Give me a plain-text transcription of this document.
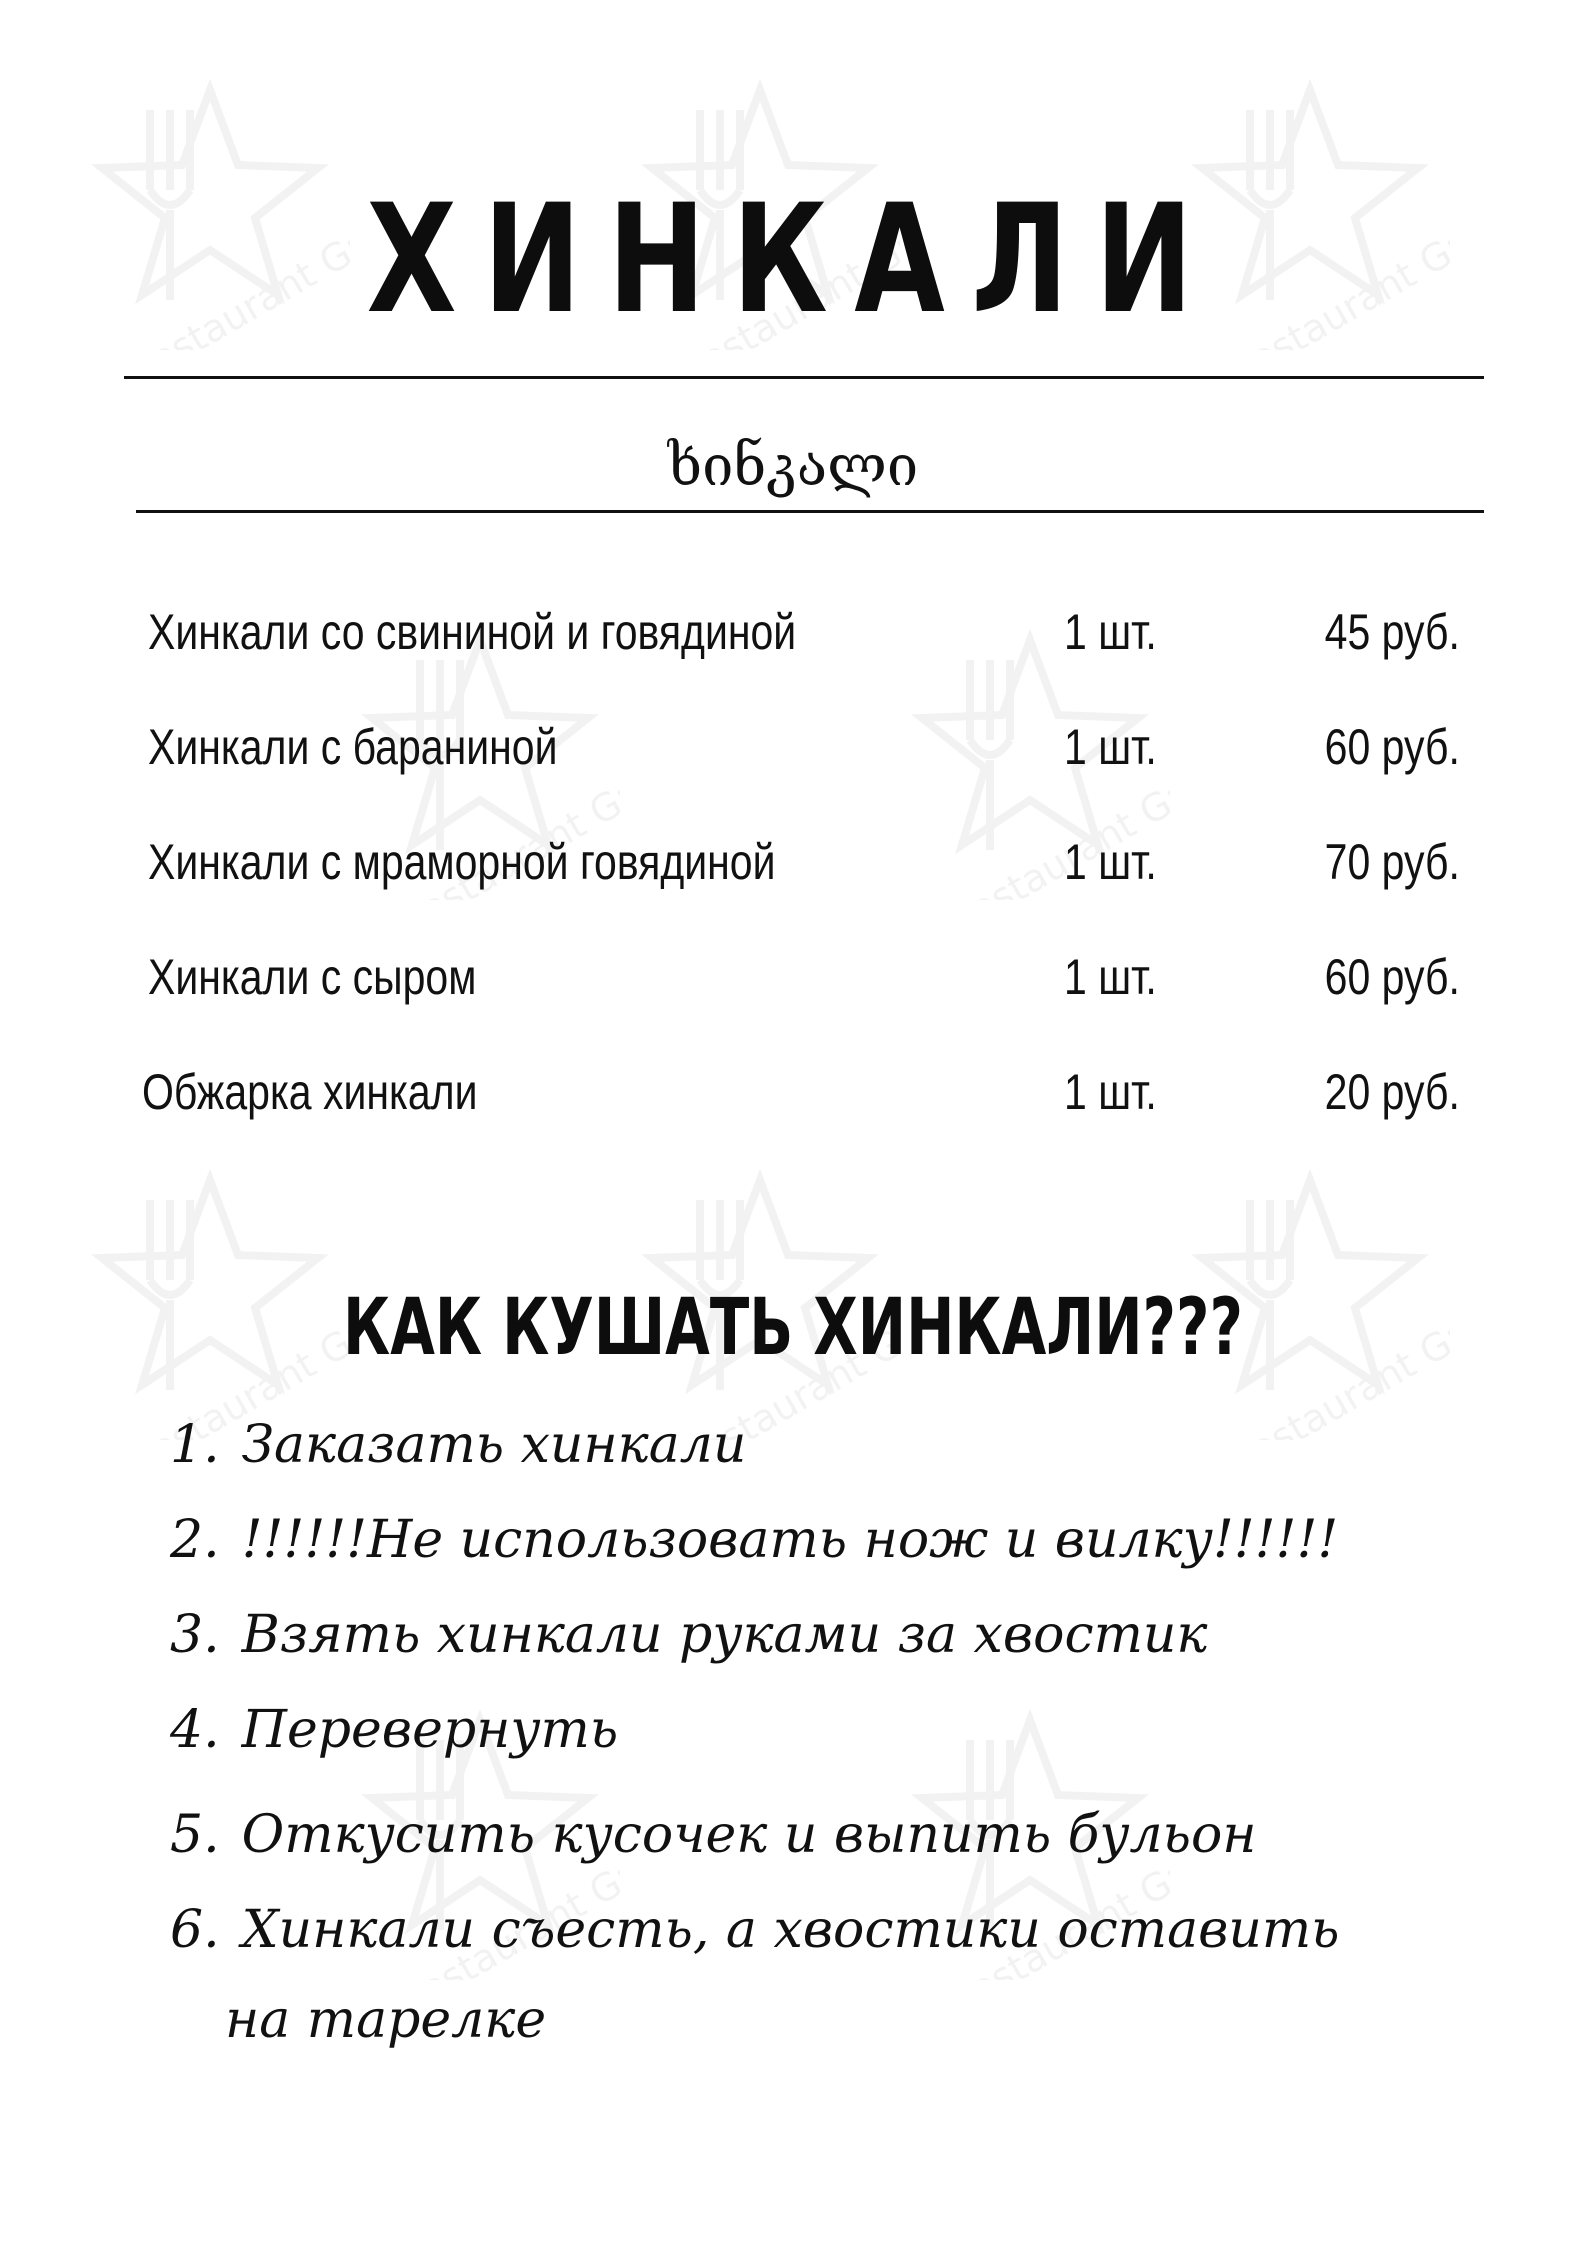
Restaurant Guru
Restaurant Guru
Restaurant Guru
Restaurant Guru
Restaurant Guru
Restaurant Guru
Restaurant Guru
Restaurant Guru
Restaurant Guru
Restaurant Guru
ХИНКАЛИ
ხინკალი
Хинкали со свининой и говядиной	1 шт.	45 руб.
Хинкали с бараниной	1 шт.	60 руб.
Хинкали с мраморной говядиной	1 шт.	70 руб.
Хинкали с сыром	1 шт.	60 руб.
Обжарка хинкали	1 шт.	20 руб.
КАК КУШАТЬ ХИНКАЛИ???
1. Заказать хинкали
2. !!!!!!Не использовать нож и вилку!!!!!!
3. Взять хинкали руками за хвостик
4. Перевернуть
5. Откусить кусочек и выпить бульон
6. Хинкали съесть, а хвостики оставить
на тарелке
